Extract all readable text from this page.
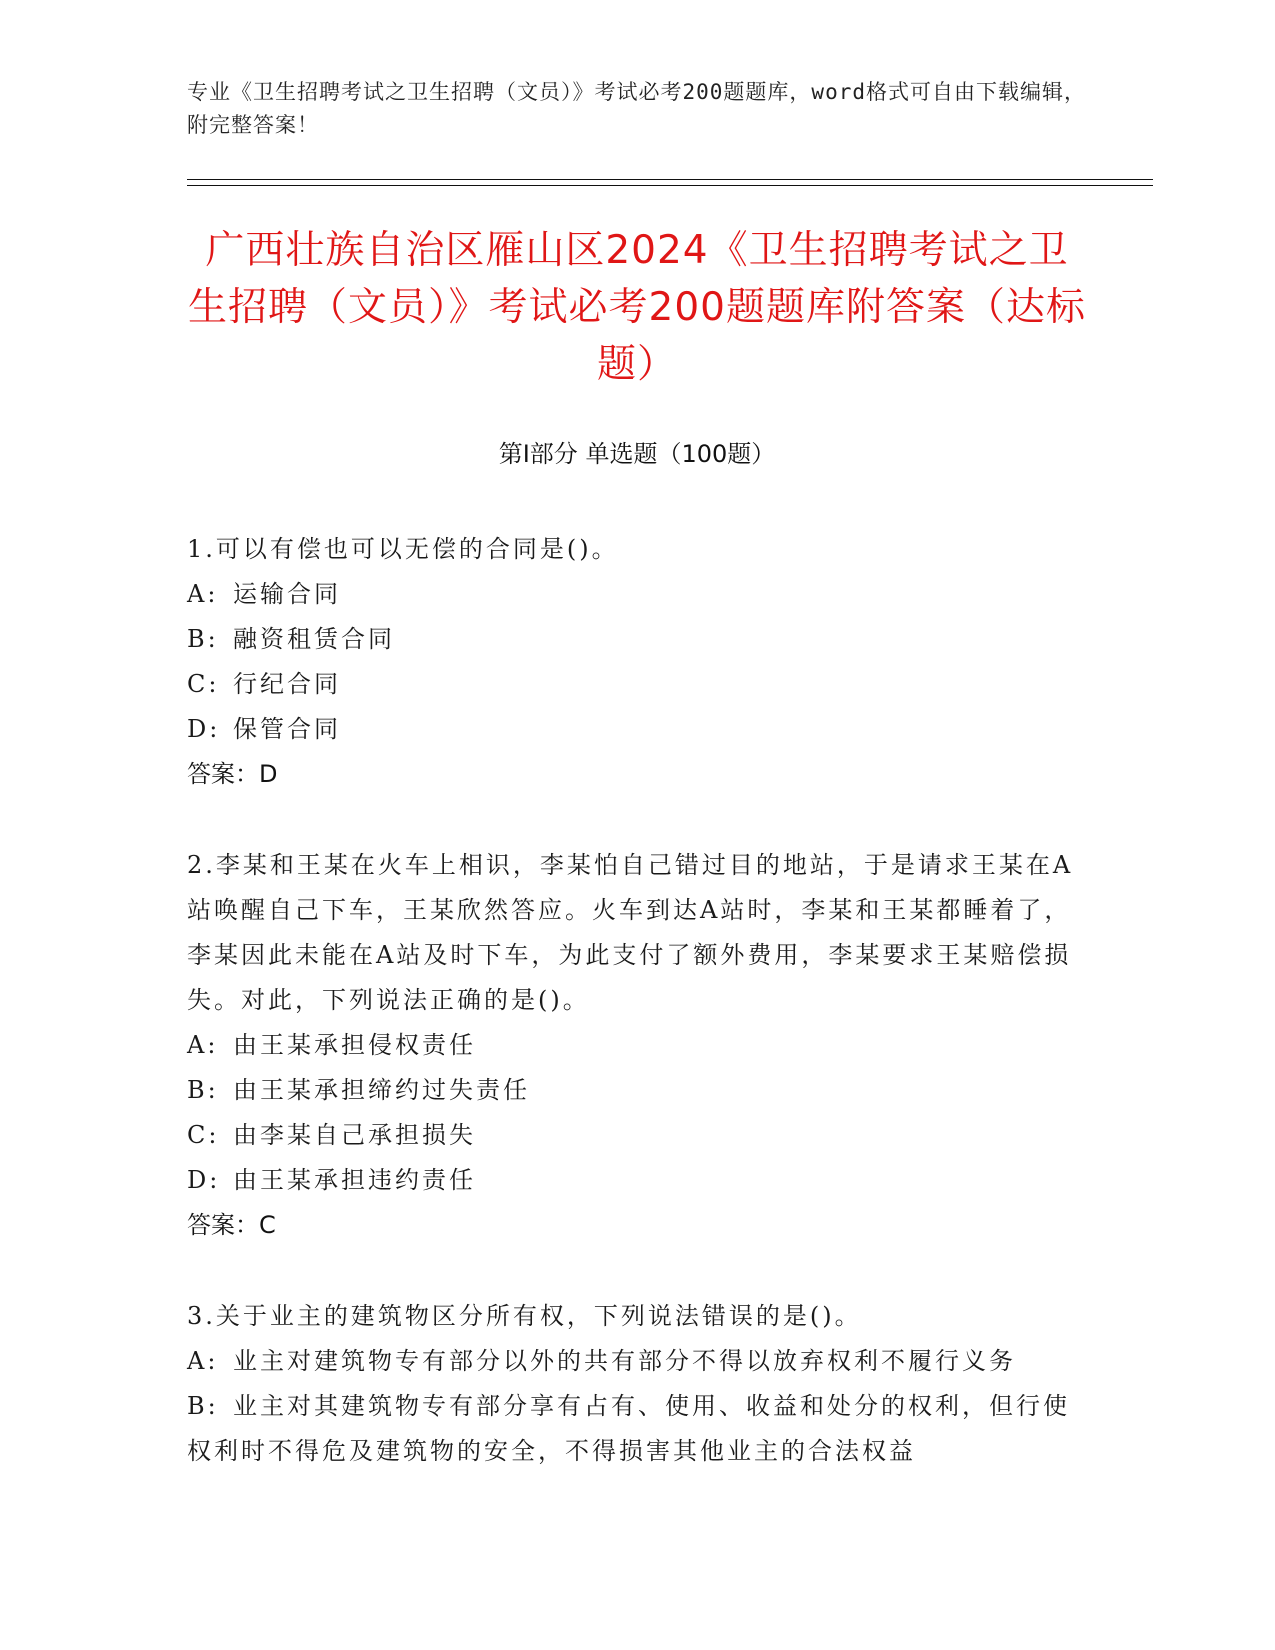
专业《卫生招聘考试之卫生招聘（文员）》考试必考200题题库，word格式可自由下载编辑，附完整答案！
广西壮族自治区雁山区2024《卫生招聘考试之卫生招聘（文员）》考试必考200题题库附答案（达标题）
第I部分 单选题（100题）

1.可以有偿也可以无偿的合同是()。

A: 运输合同

B: 融资租赁合同

C: 行纪合同

D: 保管合同

答案：D

2.李某和王某在火车上相识，李某怕自己错过目的地站，于是请求王某在A站唤醒自己下车，王某欣然答应。火车到达A站时，李某和王某都睡着了，李某因此未能在A站及时下车，为此支付了额外费用，李某要求王某赔偿损失。对此，下列说法正确的是()。

A: 由王某承担侵权责任

B: 由王某承担缔约过失责任

C: 由李某自己承担损失

D: 由王某承担违约责任

答案：C

3.关于业主的建筑物区分所有权，下列说法错误的是()。

A: 业主对建筑物专有部分以外的共有部分不得以放弃权利不履行义务

B: 业主对其建筑物专有部分享有占有、使用、收益和处分的权利，但行使权利时不得危及建筑物的安全，不得损害其他业主的合法权益
